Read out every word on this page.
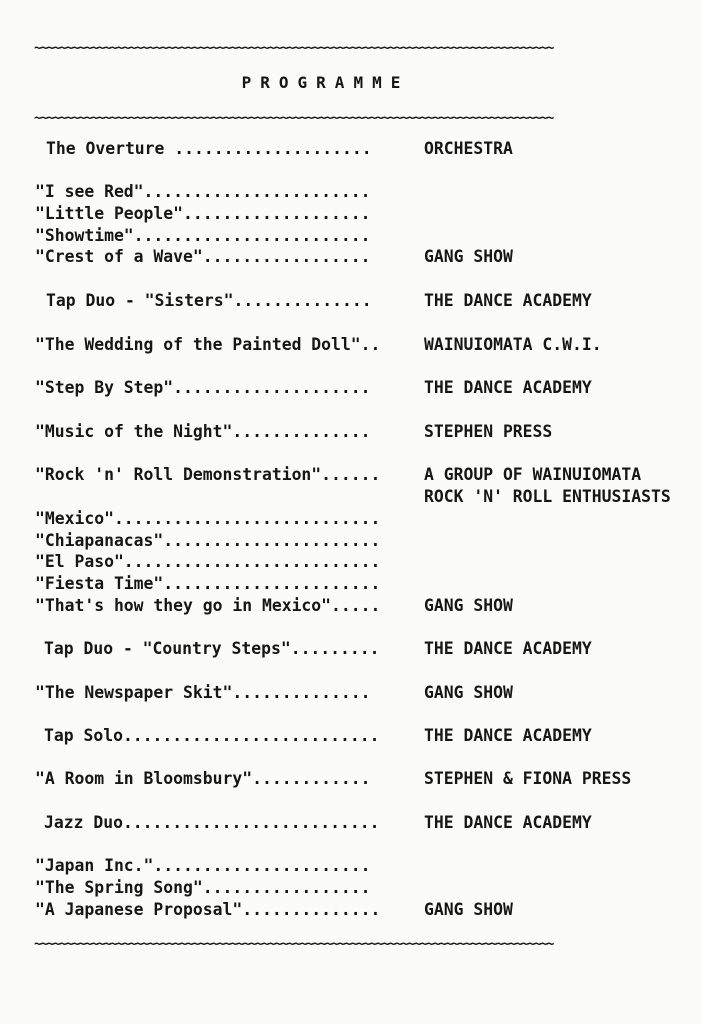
~~~~~~~~~~~~~~~~~~~~~~~~~~~~~~~~~~~~~~~~~~~~~~~~~~~~~~~~~~~~~~~~~~~~~~~~~~~~~~~~~~
PROGRAMME
~~~~~~~~~~~~~~~~~~~~~~~~~~~~~~~~~~~~~~~~~~~~~~~~~~~~~~~~~~~~~~~~~~~~~~~~~~~~~~~~~~
The Overture ....................	ORCHESTRA
"I see Red".......................
"Little People"...................
"Showtime"........................
"Crest of a Wave".................	GANG SHOW
Tap Duo - "Sisters"..............	THE DANCE ACADEMY
"The Wedding of the Painted Doll"..	WAINUIOMATA C.W.I.
"Step By Step"....................	THE DANCE ACADEMY
"Music of the Night"..............	STEPHEN PRESS
"Rock 'n' Roll Demonstration"......	A GROUP OF WAINUIOMATA
ROCK 'N' ROLL ENTHUSIASTS
"Mexico"...........................
"Chiapanacas"......................
"El Paso"..........................
"Fiesta Time"......................
"That's how they go in Mexico".....	GANG SHOW
Tap Duo - "Country Steps".........	THE DANCE ACADEMY
"The Newspaper Skit"..............	GANG SHOW
Tap Solo..........................	THE DANCE ACADEMY
"A Room in Bloomsbury"............	STEPHEN & FIONA PRESS
Jazz Duo..........................	THE DANCE ACADEMY
"Japan Inc."......................
"The Spring Song".................
"A Japanese Proposal"..............	GANG SHOW
~~~~~~~~~~~~~~~~~~~~~~~~~~~~~~~~~~~~~~~~~~~~~~~~~~~~~~~~~~~~~~~~~~~~~~~~~~~~~~~~~~
